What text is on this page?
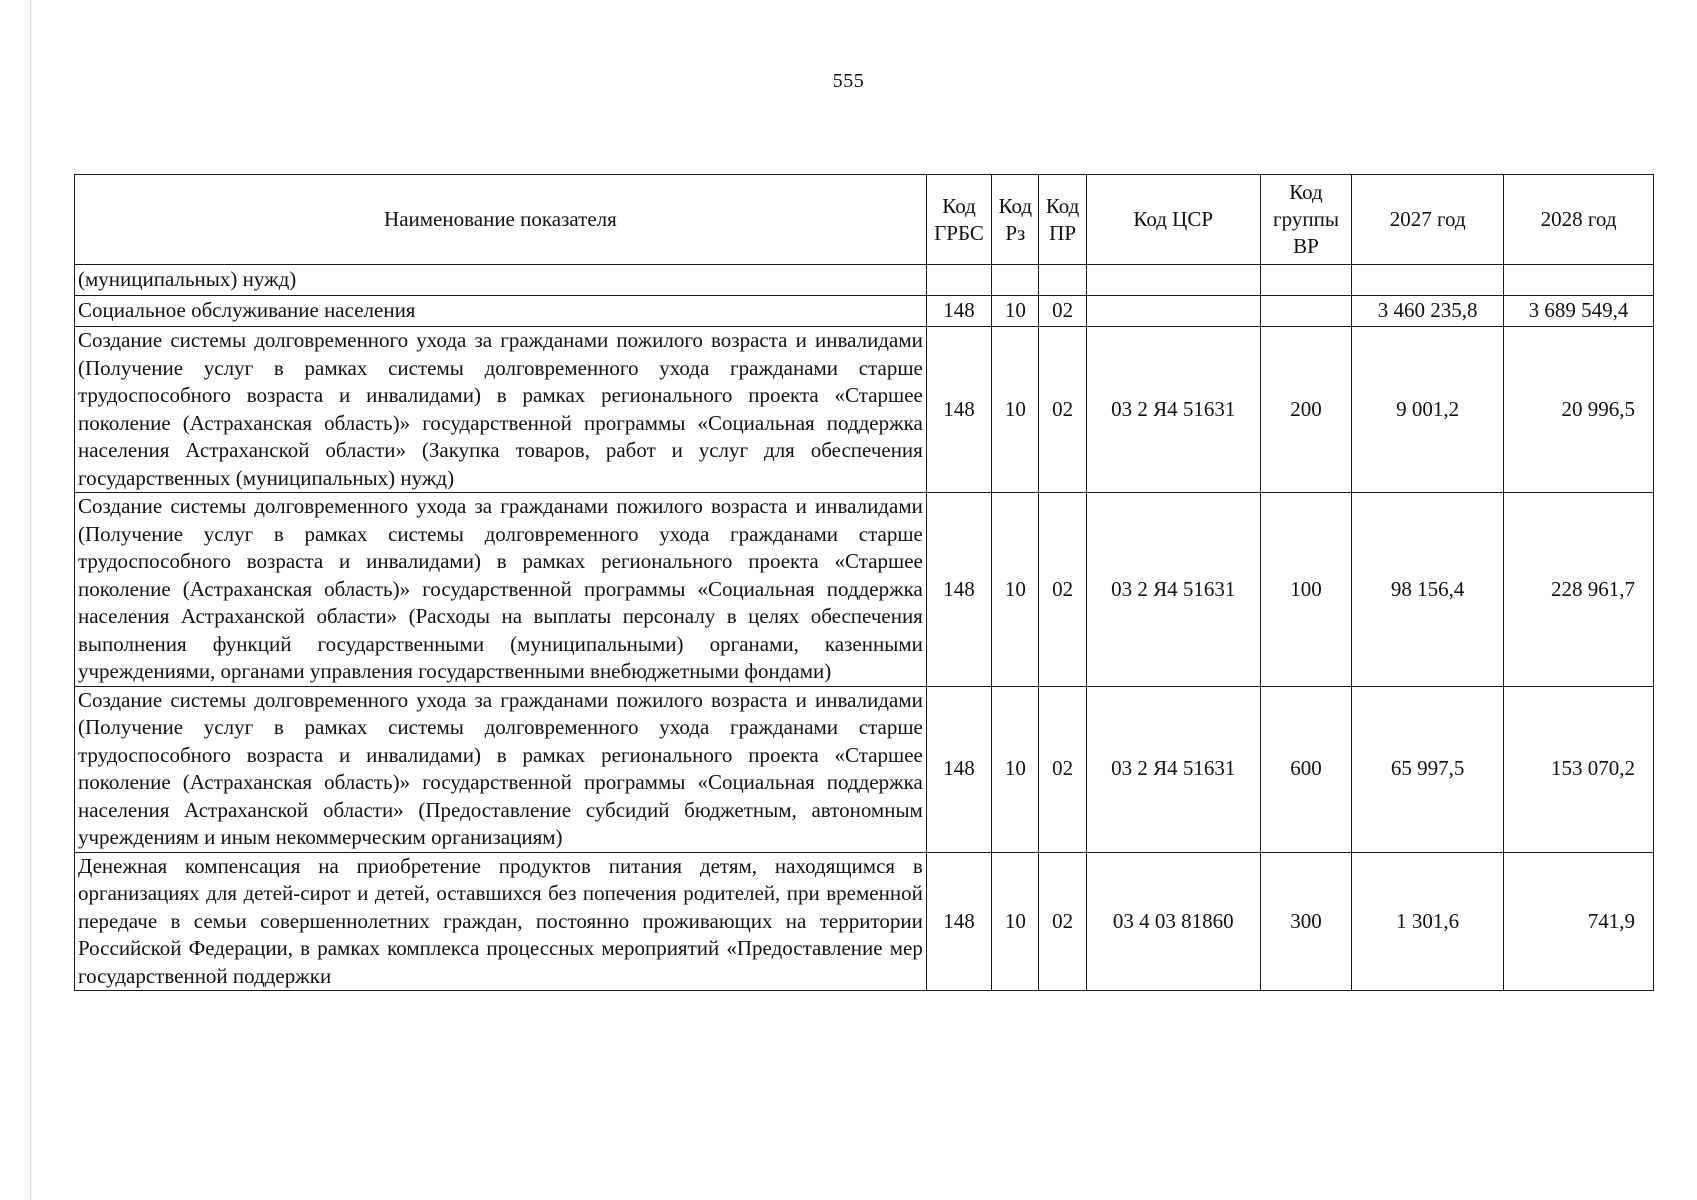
555
Наименование показателя	Код ГРБС	Код Рз	Код ПР	Код ЦСР	Код группы ВР	2027 год	2028 год
(муниципальных) нужд)							
Социальное обслуживание населения	148	10	02			3 460 235,8	3 689 549,4
Создание системы долговременного ухода за гражданами пожилого возраста и инвалидами (Получение услуг в рамках системы долговременного ухода гражданами старше трудоспособного возраста и инвалидами) в рамках регионального проекта «Старшее поколение (Астраханская область)» государственной программы «Социальная поддержка населения Астраханской области» (Закупка товаров, работ и услуг для обеспечения государственных (муниципальных) нужд)	148	10	02	03 2 Я4 51631	200	9 001,2	20 996,5
Создание системы долговременного ухода за гражданами пожилого возраста и инвалидами (Получение услуг в рамках системы долговременного ухода гражданами старше трудоспособного возраста и инвалидами) в рамках регионального проекта «Старшее поколение (Астраханская область)» государственной программы «Социальная поддержка населения Астраханской области» (Расходы на выплаты персоналу в целях обеспечения выполнения функций государственными (муниципальными) органами, казенными учреждениями, органами управления государственными внебюджетными фондами)	148	10	02	03 2 Я4 51631	100	98 156,4	228 961,7
Создание системы долговременного ухода за гражданами пожилого возраста и инвалидами (Получение услуг в рамках системы долговременного ухода гражданами старше трудоспособного возраста и инвалидами) в рамках регионального проекта «Старшее поколение (Астраханская область)» государственной программы «Социальная поддержка населения Астраханской области» (Предоставление субсидий бюджетным, автономным учреждениям и иным некоммерческим организациям)	148	10	02	03 2 Я4 51631	600	65 997,5	153 070,2
Денежная компенсация на приобретение продуктов питания детям, находящимся в организациях для детей-сирот и детей, оставшихся без попечения родителей, при временной передаче в семьи совершеннолетних граждан, постоянно проживающих на территории Российской Федерации, в рамках комплекса процессных мероприятий «Предоставление мер государственной поддержки	148	10	02	03 4 03 81860	300	1 301,6	741,9
